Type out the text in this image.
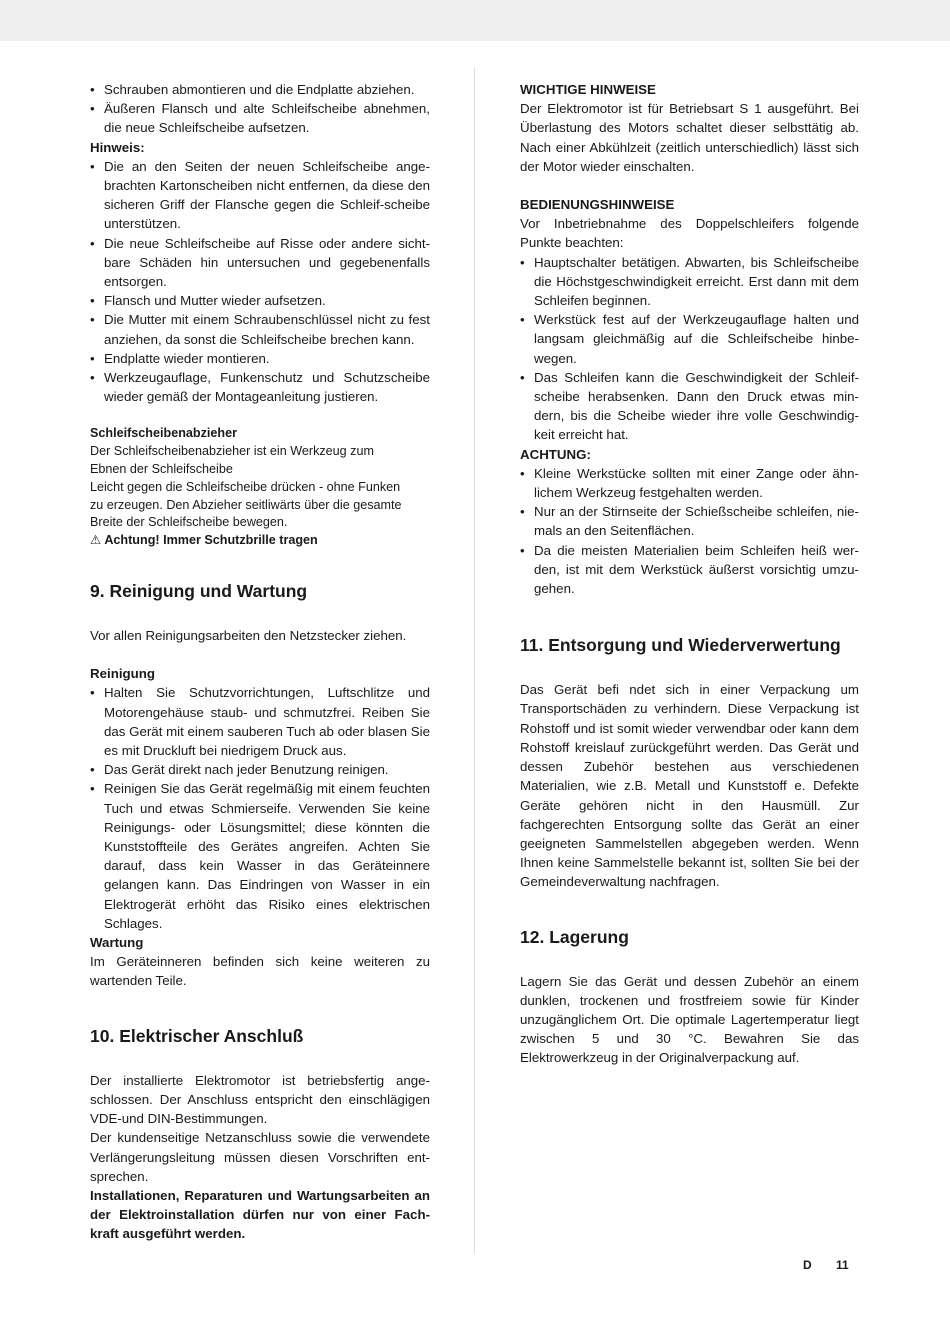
• Schrauben abmontieren und die Endplatte abziehen.
• Äußeren Flansch und alte Schleifscheibe abnehmen, die neue Schleifscheibe aufsetzen.

Hinweis:

• Die an den Seiten der neuen Schleifscheibe ange-brachten Kartonscheiben nicht entfernen, da diese den sicheren Griff der Flansche gegen die Schleif-scheibe unterstützen.
• Die neue Schleifscheibe auf Risse oder andere sicht-bare Schäden hin untersuchen und gegebenenfalls entsorgen.
• Flansch und Mutter wieder aufsetzen.
• Die Mutter mit einem Schraubenschlüssel nicht zu fest anziehen, da sonst die Schleifscheibe brechen kann.
• Endplatte wieder montieren.
• Werkzeugauflage, Funkenschutz und Schutzscheibe wieder gemäß der Montageanleitung justieren.

Schleifscheibenabzieher

Der Schleifscheibenabzieher ist ein Werkzeug zum

Ebnen der Schleifscheibe

Leicht gegen die Schleifscheibe drücken - ohne Funken

zu erzeugen. Den Abzieher seitliwärts über die gesamte

Breite der Schleifscheibe bewegen.

⚠ Achtung! Immer Schutzbrille tragen

9. Reinigung und Wartung

Vor allen Reinigungsarbeiten den Netzstecker ziehen.

Reinigung

• Halten Sie Schutzvorrichtungen, Luftschlitze und Motorengehäuse staub- und schmutzfrei. Reiben Sie das Gerät mit einem sauberen Tuch ab oder blasen Sie es mit Druckluft bei niedrigem Druck aus.
• Das Gerät direkt nach jeder Benutzung reinigen.
• Reinigen Sie das Gerät regelmäßig mit einem feuchten Tuch und etwas Schmierseife. Verwenden Sie keine Reinigungs- oder Lösungsmittel; diese könnten die Kunststoffteile des Gerätes angreifen. Achten Sie darauf, dass kein Wasser in das Geräteinnere gelangen kann. Das Eindringen von Wasser in ein Elektrogerät erhöht das Risiko eines elektrischen Schlages.

Wartung

Im Geräteinneren befinden sich keine weiteren zu wartenden Teile.

10. Elektrischer Anschluß

Der installierte Elektromotor ist betriebsfertig ange-schlossen. Der Anschluss entspricht den einschlägigen VDE-und DIN-Bestimmungen.

Der kundenseitige Netzanschluss sowie die verwendete Verlängerungsleitung müssen diesen Vorschriften ent-sprechen.

Installationen, Reparaturen und Wartungsarbeiten an der Elektroinstallation dürfen nur von einer Fach-kraft ausgeführt werden.

WICHTIGE HINWEISE

Der Elektromotor ist für Betriebsart S 1 ausgeführt. Bei Überlastung des Motors schaltet dieser selbsttätig ab. Nach einer Abkühlzeit (zeitlich unterschiedlich) lässt sich der Motor wieder einschalten.

BEDIENUNGSHINWEISE

Vor Inbetriebnahme des Doppelschleifers folgende Punkte beachten:

• Hauptschalter betätigen. Abwarten, bis Schleifscheibe die Höchstgeschwindigkeit erreicht. Erst dann mit dem Schleifen beginnen.
• Werkstück fest auf der Werkzeugauflage halten und langsam gleichmäßig auf die Schleifscheibe hinbe-wegen.
• Das Schleifen kann die Geschwindigkeit der Schleif-scheibe herabsenken. Dann den Druck etwas min-dern, bis die Scheibe wieder ihre volle Geschwindig-keit erreicht hat.

ACHTUNG:

• Kleine Werkstücke sollten mit einer Zange oder ähn-lichem Werkzeug festgehalten werden.
• Nur an der Stirnseite der Schießscheibe schleifen, nie-mals an den Seitenflächen.
• Da die meisten Materialien beim Schleifen heiß wer-den, ist mit dem Werkstück äußerst vorsichtig umzu-gehen.
11. Entsorgung und Wiederverwertung

Das Gerät befi ndet sich in einer Verpackung um Transportschäden zu verhindern. Diese Verpackung ist Rohstoff und ist somit wieder verwendbar oder kann dem Rohstoff kreislauf zurückgeführt werden. Das Gerät und dessen Zubehör bestehen aus verschiedenen Materialien, wie z.B. Metall und Kunststoff e. Defekte Geräte gehören nicht in den Hausmüll. Zur fachgerechten Entsorgung sollte das Gerät an einer geeigneten Sammelstellen abgegeben werden. Wenn Ihnen keine Sammelstelle bekannt ist, sollten Sie bei der Gemeindeverwaltung nachfragen.

12. Lagerung

Lagern Sie das Gerät und dessen Zubehör an einem dunklen, trockenen und frostfreiem sowie für Kinder unzugänglichem Ort. Die optimale Lagertemperatur liegt zwischen 5 und 30 °C. Bewahren Sie das Elektrowerkzeug in der Originalverpackung auf.

D 11
